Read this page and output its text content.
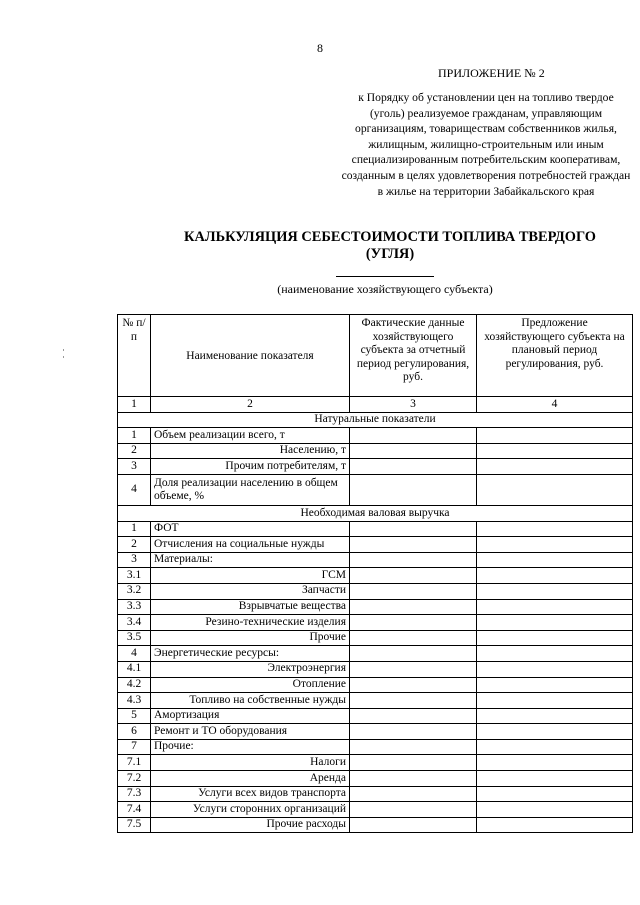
8
ПРИЛОЖЕНИЕ № 2
к Порядку об установлении цен на топливо твердое (уголь) реализуемое гражданам, управляющим организациям, товариществам собственников жилья, жилищным, жилищно-строительным или иным специализированным потребительским кооперативам, созданным в целях удовлетворения потребностей граждан в жилье на территории Забайкальского края
КАЛЬКУЛЯЦИЯ СЕБЕСТОИМОСТИ ТОПЛИВА ТВЕРДОГО
(УГЛЯ)
(наименование хозяйствующего субъекта)
№ п/п	Наименование показателя	Фактические данные хозяйствующего субъекта за отчетный период регулирования, руб.	Предложение хозяйствующего субъекта на плановый период регулирования, руб.
1	2	3	4
Натуральные показатели			
1	Объем реализации всего, т		
2	Населению, т		
3	Прочим потребителям, т		
4	Доля реализации населению в общем объеме, %		
Необходимая валовая выручка			
1	ФОТ		
2	Отчисления на социальные нужды		
3	Материалы:		
3.1	ГСМ		
3.2	Запчасти		
3.3	Взрывчатые вещества		
3.4	Резино-технические изделия		
3.5	Прочие		
4	Энергетические ресурсы:		
4.1	Электроэнергия		
4.2	Отопление		
4.3	Топливо на собственные нужды		
5	Амортизация		
6	Ремонт и ТО оборудования		
7	Прочие:		
7.1	Налоги		
7.2	Аренда		
7.3	Услуги всех видов транспорта		
7.4	Услуги сторонних организаций		
7.5	Прочие расходы		
